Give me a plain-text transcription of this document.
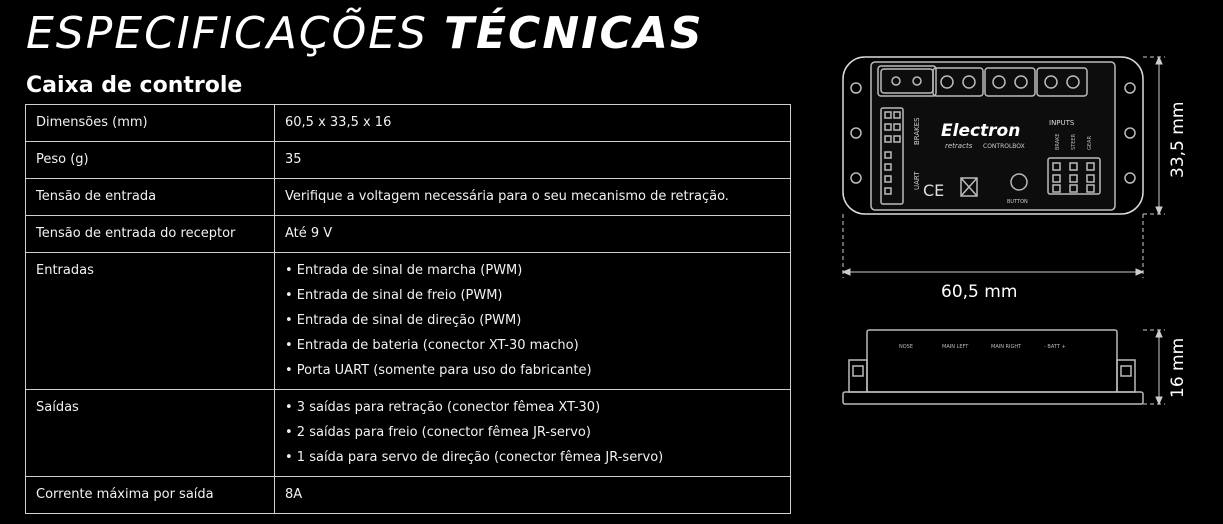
ESPECIFICAÇÕES TÉCNICAS
Caixa de controle
Dimensões (mm)	60,5 x 33,5 x 16
Peso (g)	35
Tensão de entrada	Verifique a voltagem necessária para o seu mecanismo de retração.
Tensão de entrada do receptor	Até 9 V

Entradas	• Entrada de sinal de marcha (PWM)
• Entrada de sinal de freio (PWM)
• Entrada de sinal de direção (PWM)
• Entrada de bateria (conector XT-30 macho)
• Porta UART (somente para uso do fabricante)

Saídas	• 3 saídas para retração (conector fêmea XT-30)
• 2 saídas para freio (conector fêmea JR-servo)
• 1 saída para servo de direção (conector fêmea JR-servo)

Corrente máxima por saída	8A
Electron
retracts CONTROLBOX
INPUTS
BRAKE STEER GEAR
BRAKES
UART
BUTTON
CE
60,5 mm
33,5 mm
16 mm
NOSE	MAIN LEFT	MAIN RIGHT	- BATT +
